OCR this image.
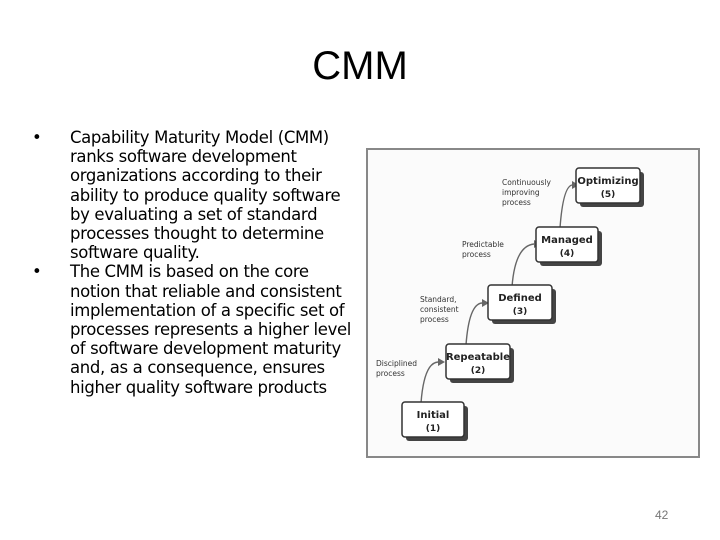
CMM
• Capability Maturity Model (CMM) ranks software development organizations according to their ability to produce quality software by evaluating a set of standard processes thought to determine software quality.
• The CMM is based on the core notion that reliable and consistent implementation of a specific set of processes represents a higher level of software development maturity and, as a consequence, ensures higher quality software products
Initial
(1)
Repeatable
(2)
Defined
(3)
Managed
(4)
Optimizing
(5)
Disciplined
process
Standard,
consistent
process
Predictable
process
Continuously
improving
process
42
